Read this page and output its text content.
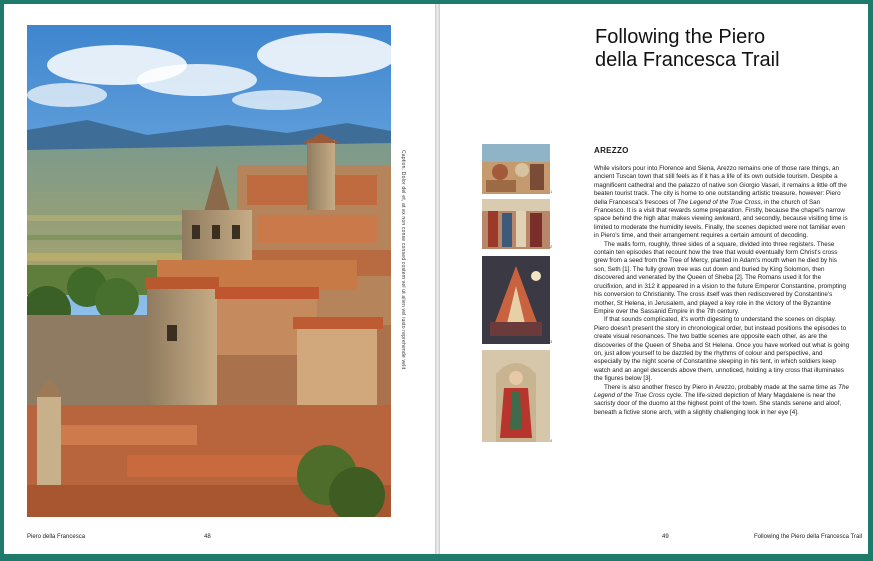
Caption: Dolor del et, at ex non conse consed costem vel ut alien vel iusto reprehende velit
Piero della Francesca	48
Following the Piero
della Francesca Trail
1
2
3
4
AREZZO

While visitors pour into Florence and Siena, Arezzo remains one of those rare things, an ancient Tuscan town that still feels as if it has a life of its own outside tourism. Despite a magnificent cathedral and the palazzo of native son Giorgio Vasari, it remains a little off the beaten tourist track. The city is home to one outstanding artistic treasure, however: Piero della Francesca's frescoes of The Legend of the True Cross, in the church of San Francesco. It is a visit that rewards some preparation. Firstly, because the chapel's narrow space behind the high altar makes viewing awkward, and secondly, because visiting time is limited to moderate the humidity levels. Finally, the scenes depicted were not familiar even in Piero's time, and their arrangement requires a certain amount of decoding.

The walls form, roughly, three sides of a square, divided into three registers. These contain ten episodes that recount how the tree that would eventually form Christ's cross grew from a seed from the Tree of Mercy, planted in Adam's mouth when he died by his son, Seth [1]. The fully grown tree was cut down and buried by King Solomon, then discovered and venerated by the Queen of Sheba [2]. The Romans used it for the crucifixion, and in 312 it appeared in a vision to the future Emperor Constantine, prompting his conversion to Christianity. The cross itself was then rediscovered by Constantine's mother, St Helena, in Jerusalem, and played a key role in the victory of the Byzantine Empire over the Sassanid Empire in the 7th century.

If that sounds complicated, it's worth digesting to understand the scenes on display. Piero doesn't present the story in chronological order, but instead positions the episodes to create visual resonances. The two battle scenes are opposite each other, as are the discoveries of the Queen of Sheba and St Helena. Once you have worked out what is going on, just allow yourself to be dazzled by the rhythms of colour and perspective, and especially by the night scene of Constantine sleeping in his tent, in which soldiers keep watch and an angel descends above them, unnoticed, holding a tiny cross that illuminates the figures below [3].

There is also another fresco by Piero in Arezzo, probably made at the same time as The Legend of the True Cross cycle. The life-sized depiction of Mary Magdalene is near the sacristy door of the duomo at the highest point of the town. She stands serene and aloof, beneath a fictive stone arch, with a slightly challenging look in her eye [4].

49	Following the Piero della Francesca Trail
